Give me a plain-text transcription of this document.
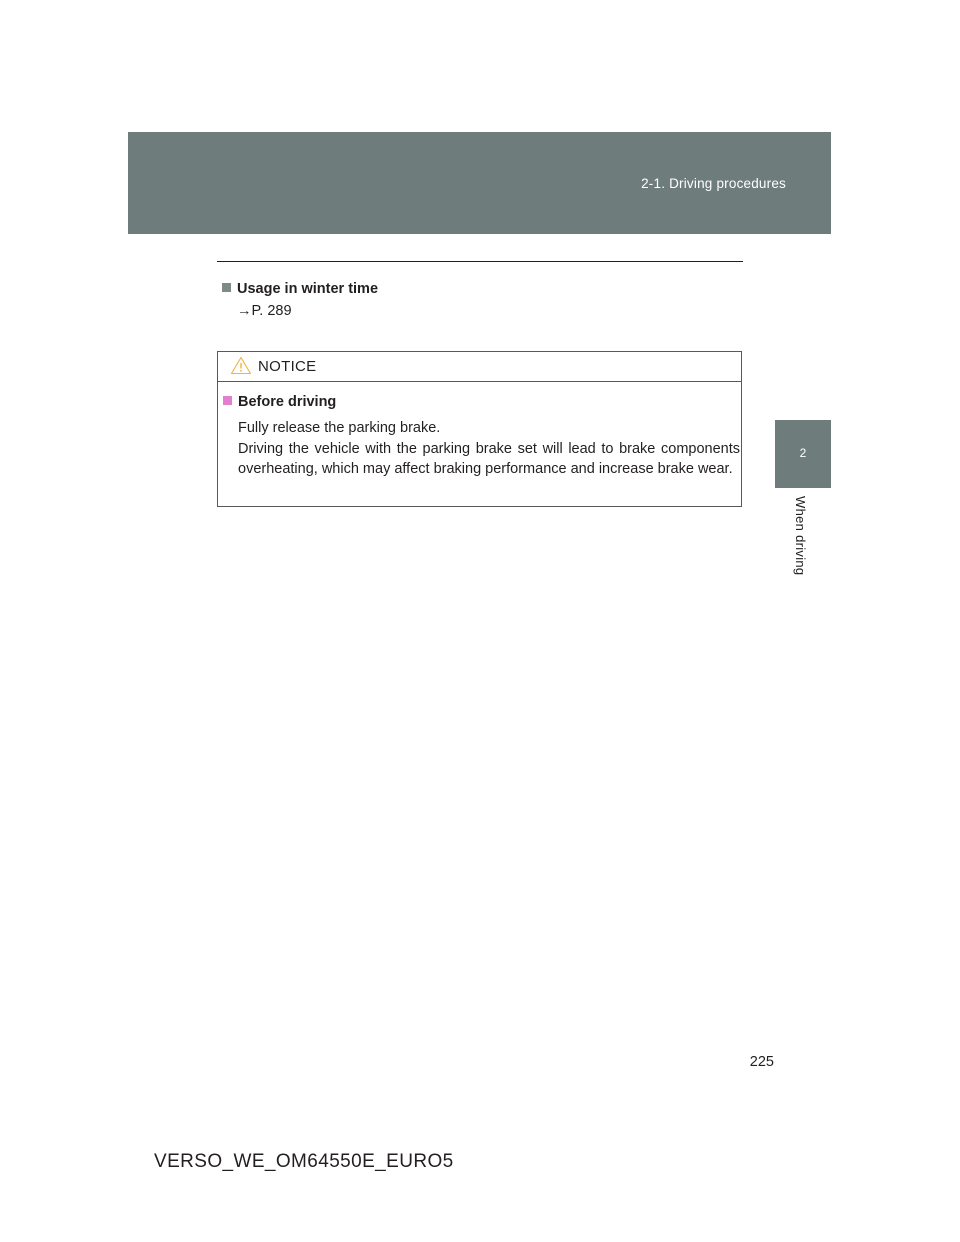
2-1. Driving procedures
2
When driving
Usage in winter time
→P. 289
NOTICE
Before driving

Fully release the parking brake.

Driving the vehicle with the parking brake set will lead to brake components overheating, which may affect braking performance and increase brake wear.

225
VERSO_WE_OM64550E_EURO5
